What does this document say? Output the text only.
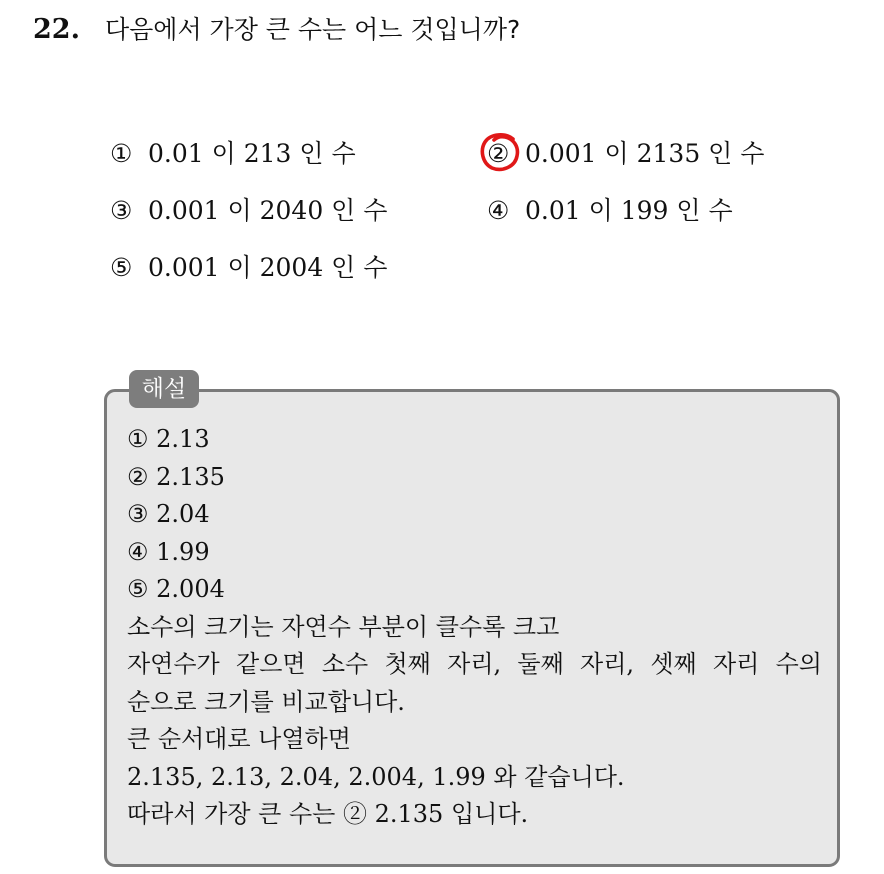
22. 다음에서 가장 큰 수는 어느 것입니까?
① 0.01 이 213 인 수	② 0.001 이 2135 인 수
③ 0.001 이 2040 인 수	④ 0.01 이 199 인 수
⑤ 0.001 이 2004 인 수
해설
① 2.13
② 2.135
③ 2.04
④ 1.99
⑤ 2.004
소수의 크기는 자연수 부분이 클수록 크고
자연수가 같으면 소수 첫째 자리, 둘째 자리, 셋째 자리 수의
순으로 크기를 비교합니다.
큰 순서대로 나열하면
2.135, 2.13, 2.04, 2.004, 1.99 와 같습니다.
따라서 가장 큰 수는 ② 2.135 입니다.
